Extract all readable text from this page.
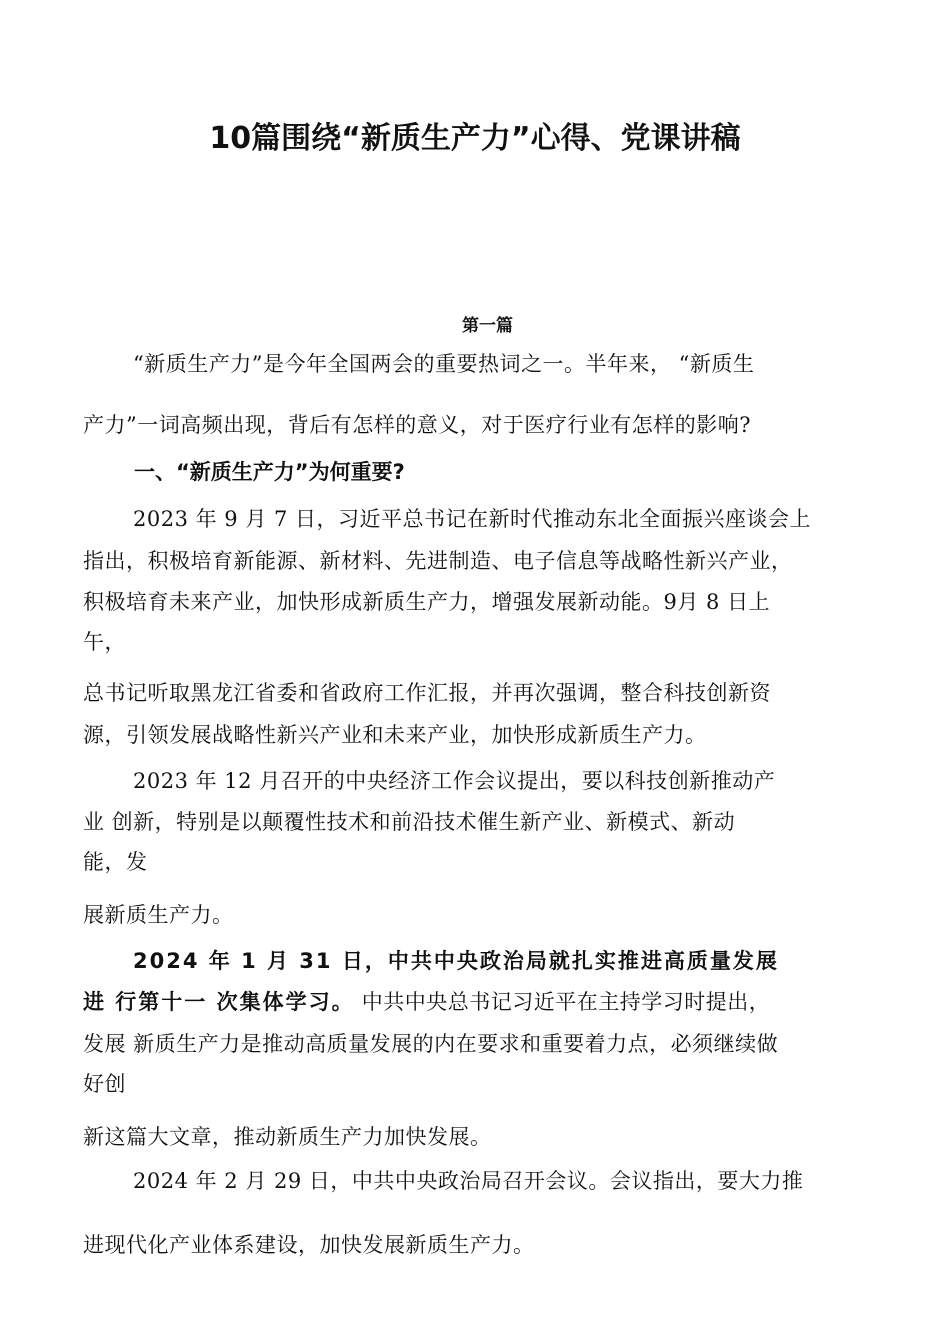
10篇围绕“新质生产力”心得、党课讲稿
第一篇

“新质生产力”是今年全国两会的重要热词之一。半年来， “新质生

产力”一词高频出现，背后有怎样的意义，对于医疗行业有怎样的影响?

一、“新质生产力”为何重要?

2023 年 9 月 7 日，习近平总书记在新时代推动东北全面振兴座谈会上

指出，积极培育新能源、新材料、先进制造、电子信息等战略性新兴产业，

积极培育未来产业，加快形成新质生产力，增强发展新动能。9月 8 日上

午，

总书记听取黑龙江省委和省政府工作汇报，并再次强调，整合科技创新资

源，引领发展战略性新兴产业和未来产业，加快形成新质生产力。

2023 年 12 月召开的中央经济工作会议提出，要以科技创新推动产

业 创新，特别是以颠覆性技术和前沿技术催生新产业、新模式、新动

能，发

展新质生产力。

2024 年 1 月 31 日，中共中央政治局就扎实推进高质量发展

进 行第十一 次集体学习。 中共中央总书记习近平在主持学习时提出，

发展 新质生产力是推动高质量发展的内在要求和重要着力点，必须继续做

好创

新这篇大文章，推动新质生产力加快发展。

2024 年 2 月 29 日，中共中央政治局召开会议。会议指出，要大力推

进现代化产业体系建设，加快发展新质生产力。
